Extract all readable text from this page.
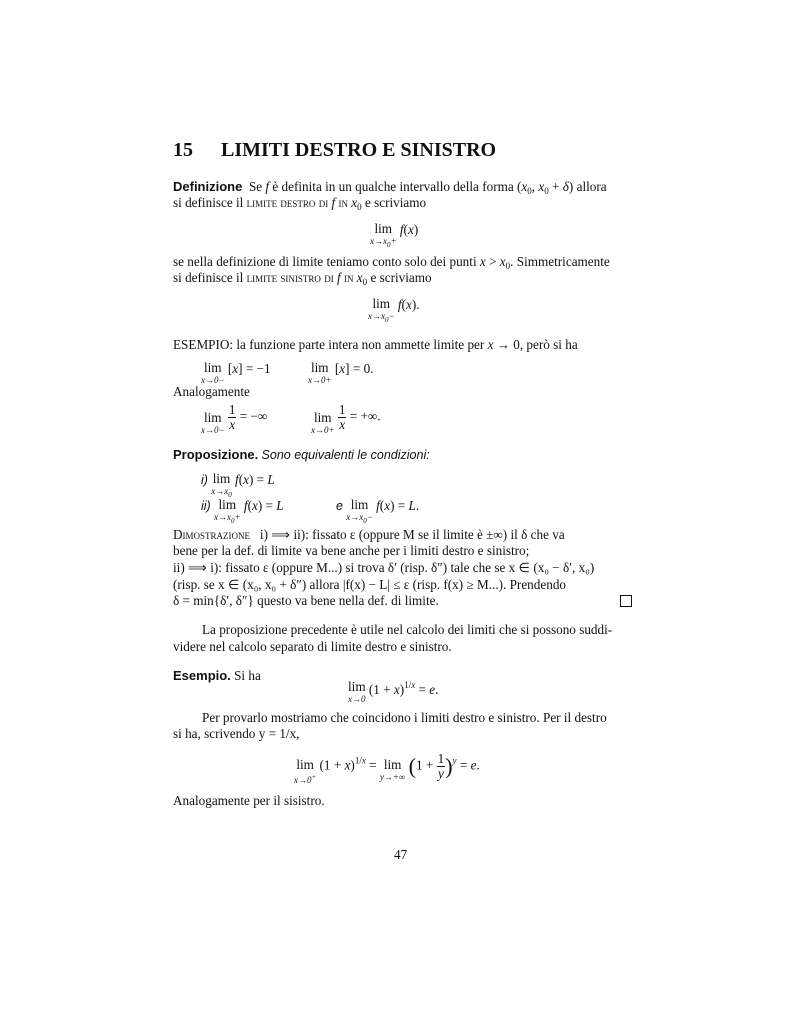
15 LIMITI DESTRO E SINISTRO
Definizione Se f è definita in un qualche intervallo della forma ($x_0$, $x_0 + \delta$) allora
si definisce il limite destro di f in $x_0$ e scriviamo
lim
$x\to x_0+$
f(x)
se nella definizione di limite teniamo conto solo dei punti $x > x_0$. Simmetricamente
si definisce il limite sinistro di f in $x_0$ e scriviamo
lim
$x\to x_0-$
f(x).
ESEMPIO: la funzione parte intera non ammette limite per x → 0, però si ha
lim
x→0−
[x] = −1	lim
x→0+
[x] = 0.
Analogamente
lim
x→0−
$\frac{1}{x}$ = −∞	lim
x→0+
$\frac{1}{x}$ = +∞.
Proposizione. Sono equivalenti le condizioni:
i) lim
$x\to x_0$
f(x) = L
ii) lim
$x\to x_0+$
f(x) = L	e lim
$x\to x_0-$
f(x) = L.
Dimostrazione i) ⟹ ii): fissato ε (oppure M se il limite è ±∞) il δ che va
bene per la def. di limite va bene anche per i limiti destro e sinistro;
ii) ⟹ i): fissato ε (oppure M...) si trova δ′ (risp. δ″) tale che se x ∈ (x₀ − δ′, x₀)
(risp. se x ∈ (x₀, x₀ + δ″) allora |f(x) − L| ≤ ε (risp. f(x) ≥ M...). Prendendo
δ = min{δ′, δ″} questo va bene nella def. di limite.
La proposizione precedente è utile nel calcolo dei limiti che si possono suddi-
videre nel calcolo separato di limite destro e sinistro.
Esempio. Si ha
lim
x→0
$(1 + x)^{1/x} = e$.
Per provarlo mostriamo che coincidono i limiti destro e sinistro. Per il destro
si ha, scrivendo y = 1/x,
lim
x→0+
$(1 + x)^{1/x} = \lim$
y→+∞ $(1 + \frac{1}{y} )^y = e$.
Analogamente per il sisistro.
47
